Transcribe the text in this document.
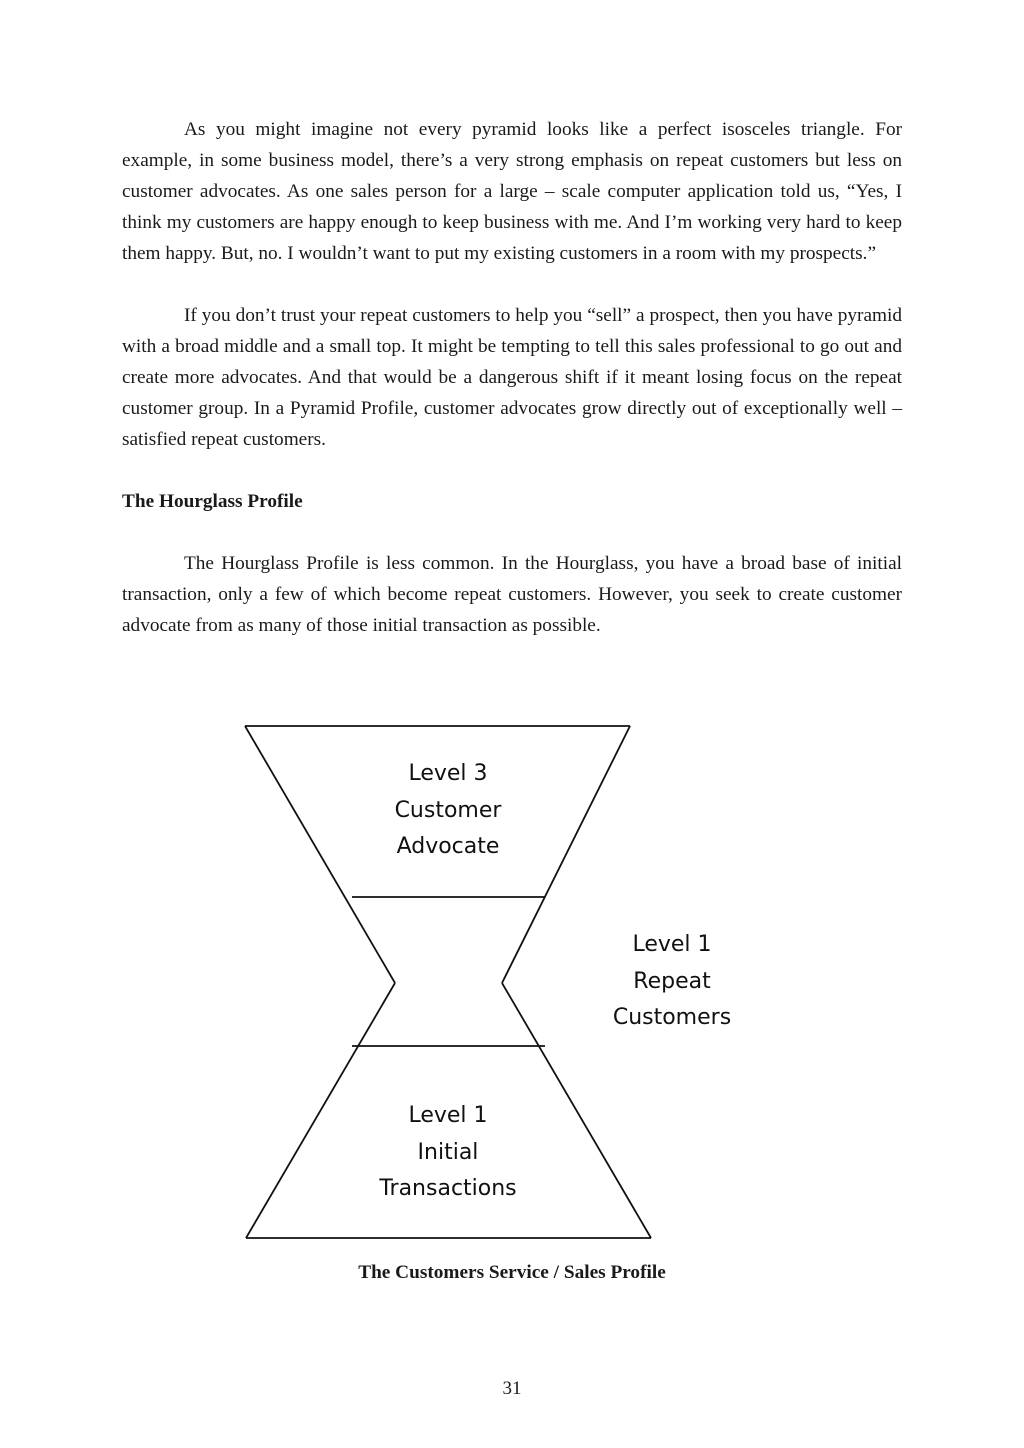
As you might imagine not every pyramid looks like a perfect isosceles triangle. For example, in some business model, there’s a very strong emphasis on repeat customers but less on customer advocates. As one sales person for a large – scale computer application told us, “Yes, I think my customers are happy enough to keep business with me. And I’m working very hard to keep them happy. But, no. I wouldn’t want to put my existing customers in a room with my prospects.”

If you don’t trust your repeat customers to help you “sell” a prospect, then you have pyramid with a broad middle and a small top. It might be tempting to tell this sales professional to go out and create more advocates. And that would be a dangerous shift if it meant losing focus on the repeat customer group. In a Pyramid Profile, customer advocates grow directly out of exceptionally well – satisfied repeat customers.

The Hourglass Profile

The Hourglass Profile is less common. In the Hourglass, you have a broad base of initial transaction, only a few of which become repeat customers. However, you seek to create customer advocate from as many of those initial transaction as possible.

Level 3
Customer
Advocate
Level 1
Repeat
Customers
Level 1
Initial
Transactions
The Customers Service / Sales Profile
31
